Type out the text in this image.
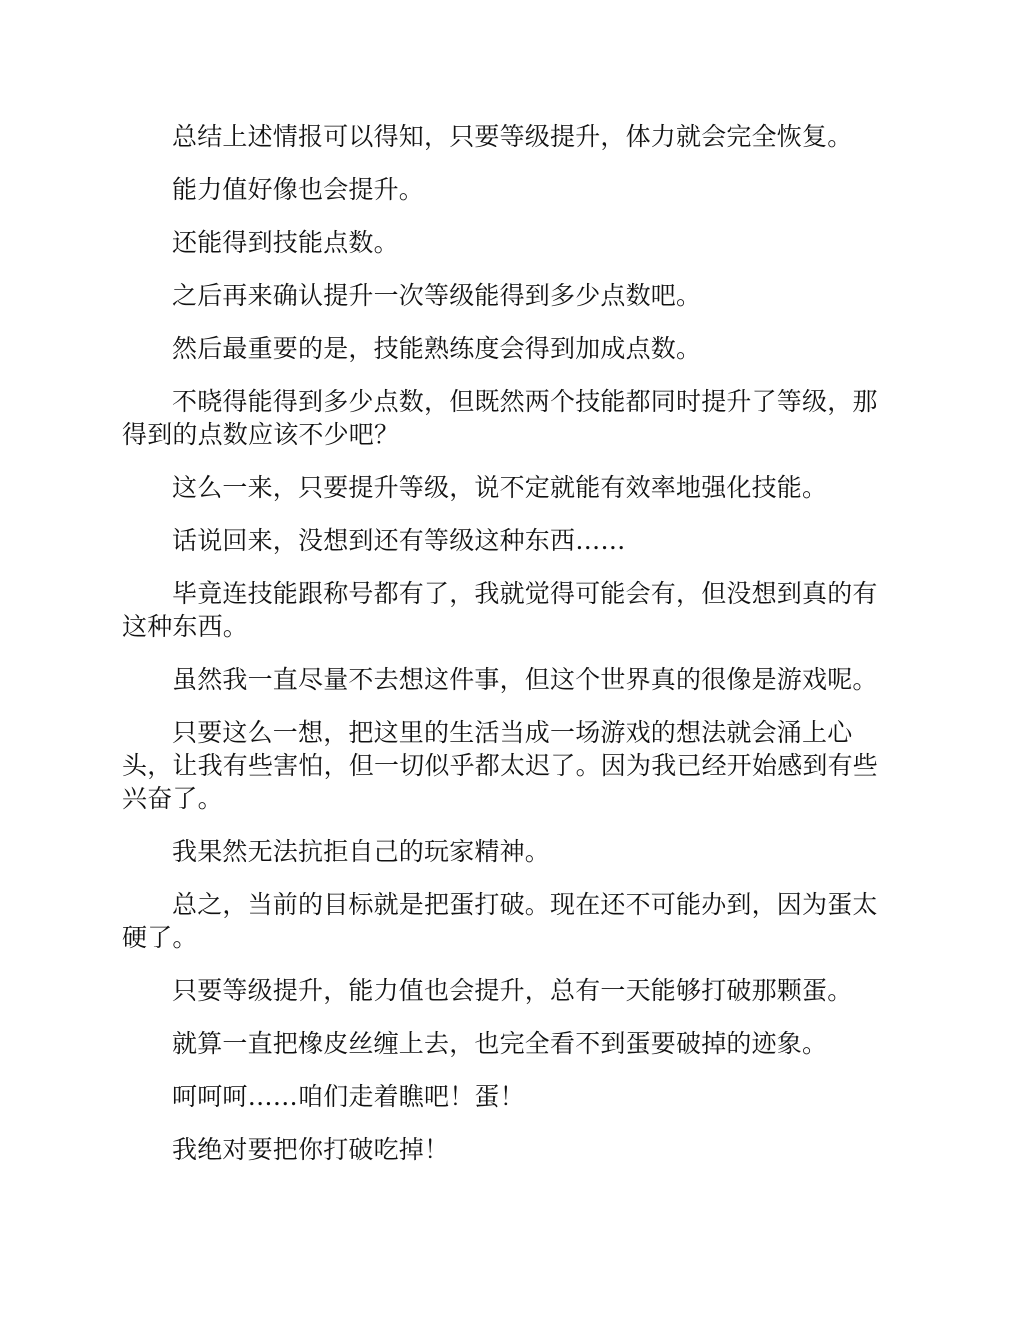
总结上述情报可以得知，只要等级提升，体力就会完全恢复。

能力值好像也会提升。

还能得到技能点数。

之后再来确认提升一次等级能得到多少点数吧。

然后最重要的是，技能熟练度会得到加成点数。

不晓得能得到多少点数，但既然两个技能都同时提升了等级，那得到的点数应该不少吧？

这么一来，只要提升等级，说不定就能有效率地强化技能。

话说回来，没想到还有等级这种东西……

毕竟连技能跟称号都有了，我就觉得可能会有，但没想到真的有这种东西。

虽然我一直尽量不去想这件事，但这个世界真的很像是游戏呢。

只要这么一想，把这里的生活当成一场游戏的想法就会涌上心头，让我有些害怕，但一切似乎都太迟了。因为我已经开始感到有些兴奋了。

我果然无法抗拒自己的玩家精神。

总之，当前的目标就是把蛋打破。现在还不可能办到，因为蛋太硬了。

只要等级提升，能力值也会提升，总有一天能够打破那颗蛋。

就算一直把橡皮丝缠上去，也完全看不到蛋要破掉的迹象。

呵呵呵……咱们走着瞧吧！蛋！

我绝对要把你打破吃掉！
